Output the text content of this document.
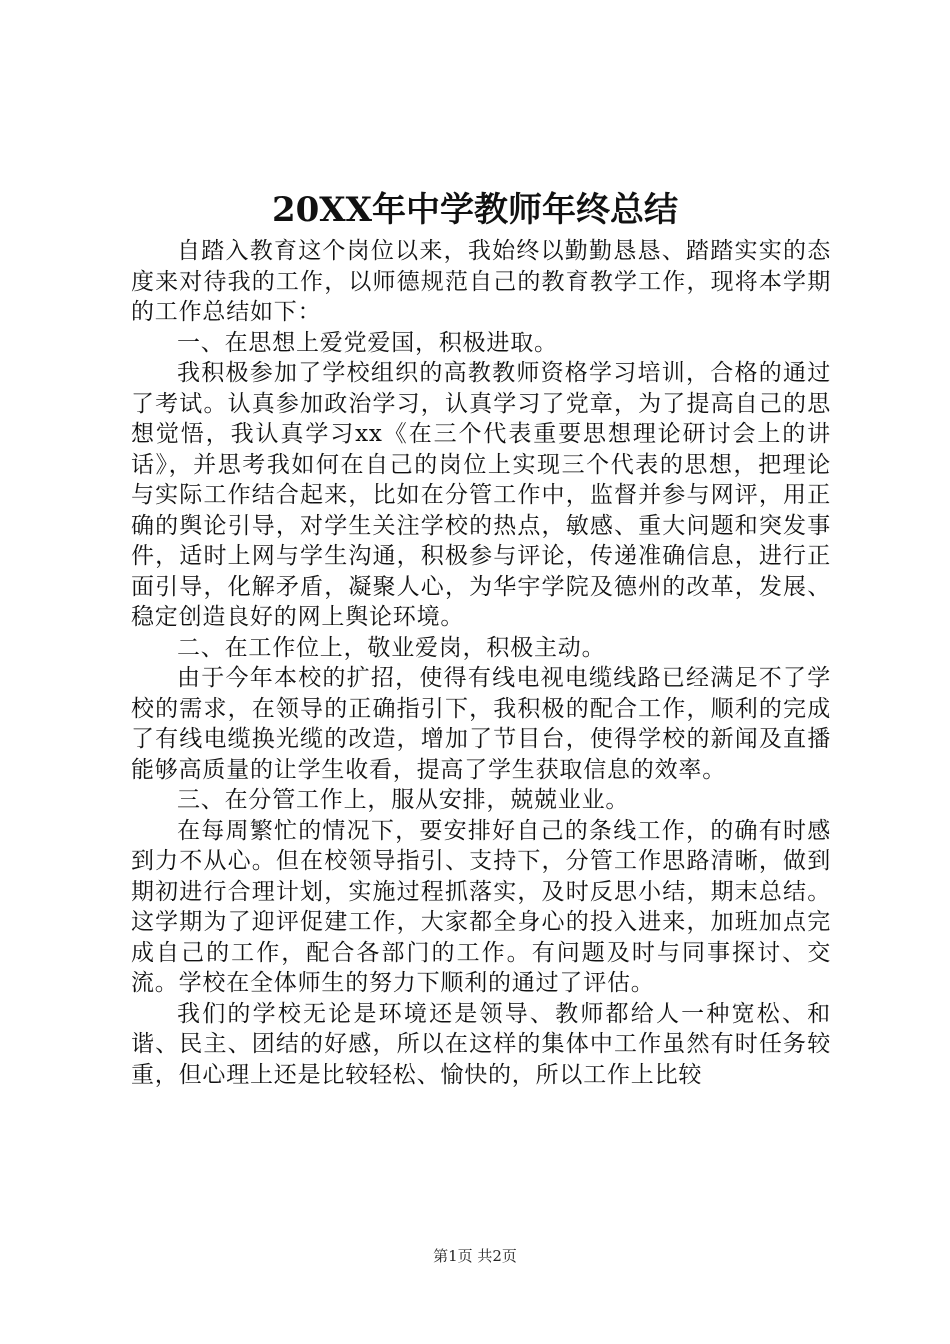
20XX年中学教师年终总结

自踏入教育这个岗位以来，我始终以勤勤恳恳、踏踏实实的态度来对待我的工作，以师德规范自己的教育教学工作，现将本学期的工作总结如下：

一、在思想上爱党爱国，积极进取。

我积极参加了学校组织的高教教师资格学习培训，合格的通过了考试。认真参加政治学习，认真学习了党章，为了提高自己的思想觉悟，我认真学习xx《在三个代表重要思想理论研讨会上的讲话》，并思考我如何在自己的岗位上实现三个代表的思想，把理论与实际工作结合起来，比如在分管工作中，监督并参与网评，用正确的舆论引导，对学生关注学校的热点，敏感、重大问题和突发事件，适时上网与学生沟通，积极参与评论，传递准确信息，进行正面引导，化解矛盾，凝聚人心，为华宇学院及德州的改革，发展、稳定创造良好的网上舆论环境。

二、在工作位上，敬业爱岗，积极主动。

由于今年本校的扩招，使得有线电视电缆线路已经满足不了学校的需求，在领导的正确指引下，我积极的配合工作，顺利的完成了有线电缆换光缆的改造，增加了节目台，使得学校的新闻及直播能够高质量的让学生收看，提高了学生获取信息的效率。

三、在分管工作上，服从安排，兢兢业业。

在每周繁忙的情况下，要安排好自己的条线工作，的确有时感到力不从心。但在校领导指引、支持下，分管工作思路清晰，做到期初进行合理计划，实施过程抓落实，及时反思小结，期末总结。这学期为了迎评促建工作，大家都全身心的投入进来，加班加点完成自己的工作，配合各部门的工作。有问题及时与同事探讨、交流。学校在全体师生的努力下顺利的通过了评估。

我们的学校无论是环境还是领导、教师都给人一种宽松、和谐、民主、团结的好感，所以在这样的集体中工作虽然有时任务较重，但心理上还是比较轻松、愉快的，所以工作上比较

第1页 共2页
